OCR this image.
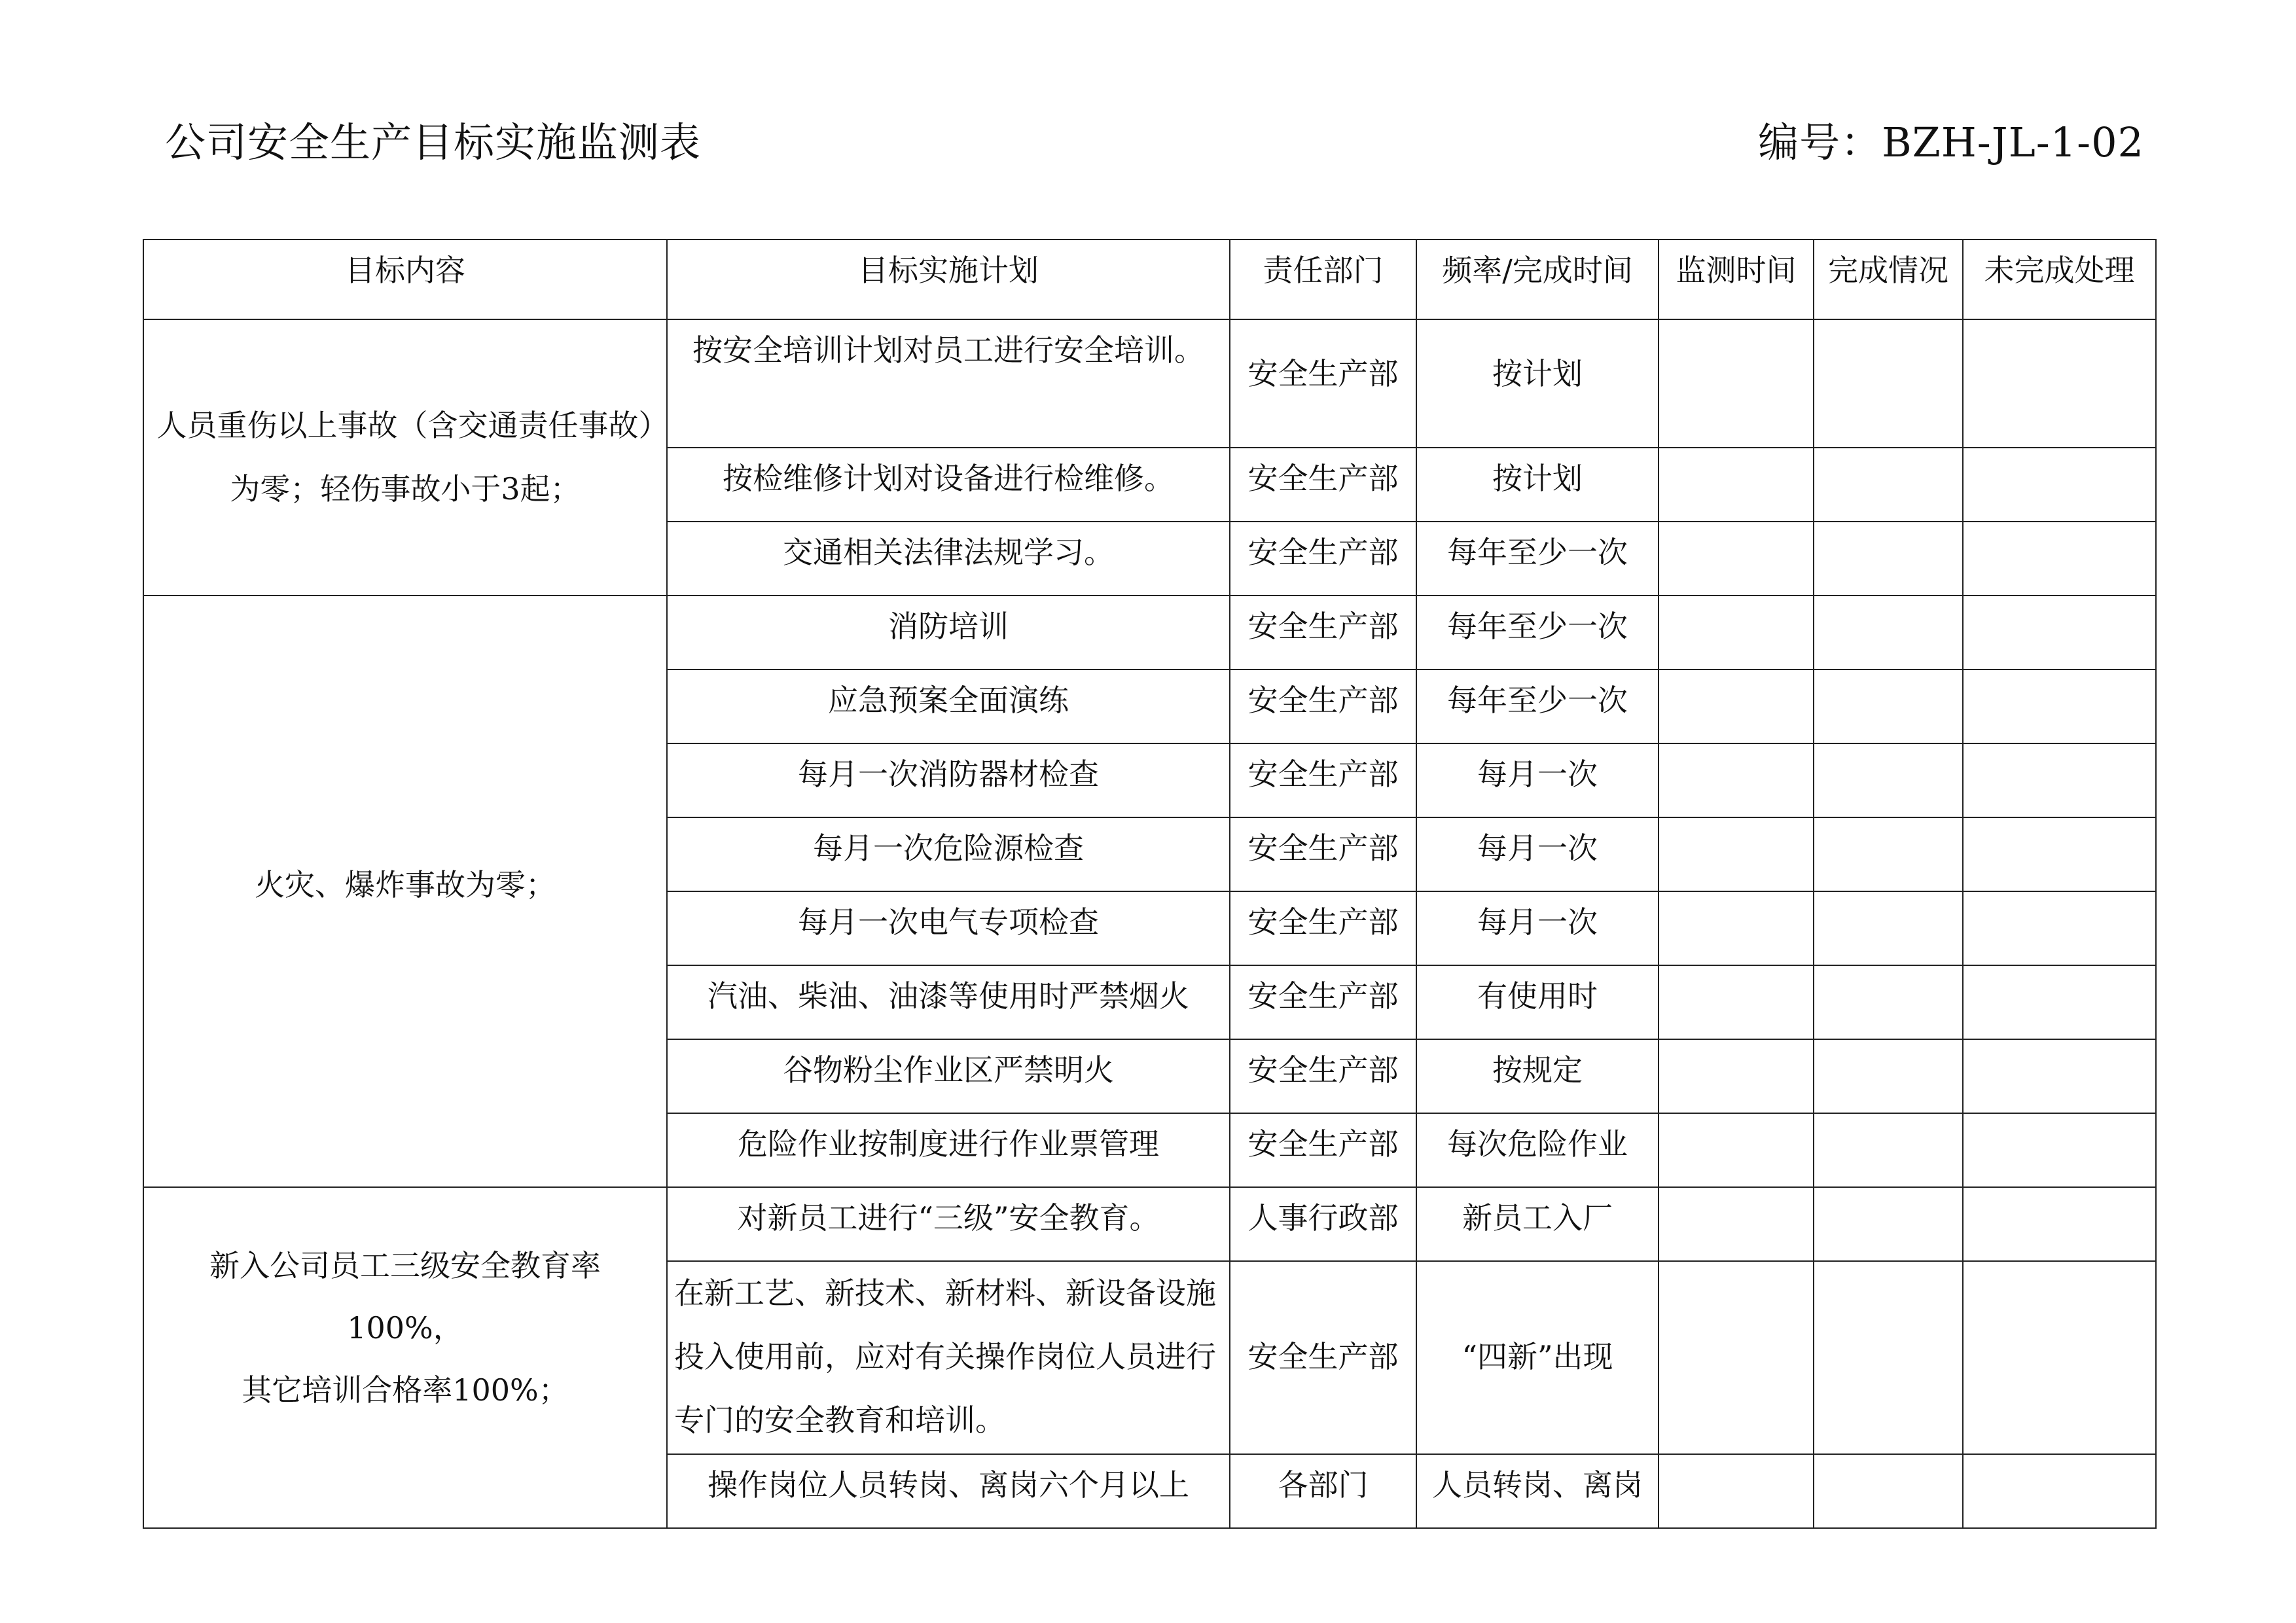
公司安全生产目标实施监测表	编号：BZH-JL-1-02
目标内容	目标实施计划	责任部门	频率/完成时间	监测时间	完成情况	未完成处理
人员重伤以上事故（含交通责任事故）为零；轻伤事故小于3起；	按安全培训计划对员工进行安全培训。	安全生产部	按计划			
	按检维修计划对设备进行检维修。	安全生产部	按计划			
	交通相关法律法规学习。	安全生产部	每年至少一次			
火灾、爆炸事故为零；	消防培训	安全生产部	每年至少一次			
	应急预案全面演练	安全生产部	每年至少一次			
	每月一次消防器材检查	安全生产部	每月一次			
	每月一次危险源检查	安全生产部	每月一次			
	每月一次电气专项检查	安全生产部	每月一次			
	汽油、柴油、油漆等使用时严禁烟火	安全生产部	有使用时			
	谷物粉尘作业区严禁明火	安全生产部	按规定			
	危险作业按制度进行作业票管理	安全生产部	每次危险作业			

新入公司员工三级安全教育率
100%，
其它培训合格率100%；	对新员工进行“三级”安全教育。	人事行政部	新员工入厂			
	在新工艺、新技术、新材料、新设备设施投入使用前，应对有关操作岗位人员进行专门的安全教育和培训。	安全生产部	“四新”出现			
	操作岗位人员转岗、离岗六个月以上	各部门	人员转岗、离岗			
